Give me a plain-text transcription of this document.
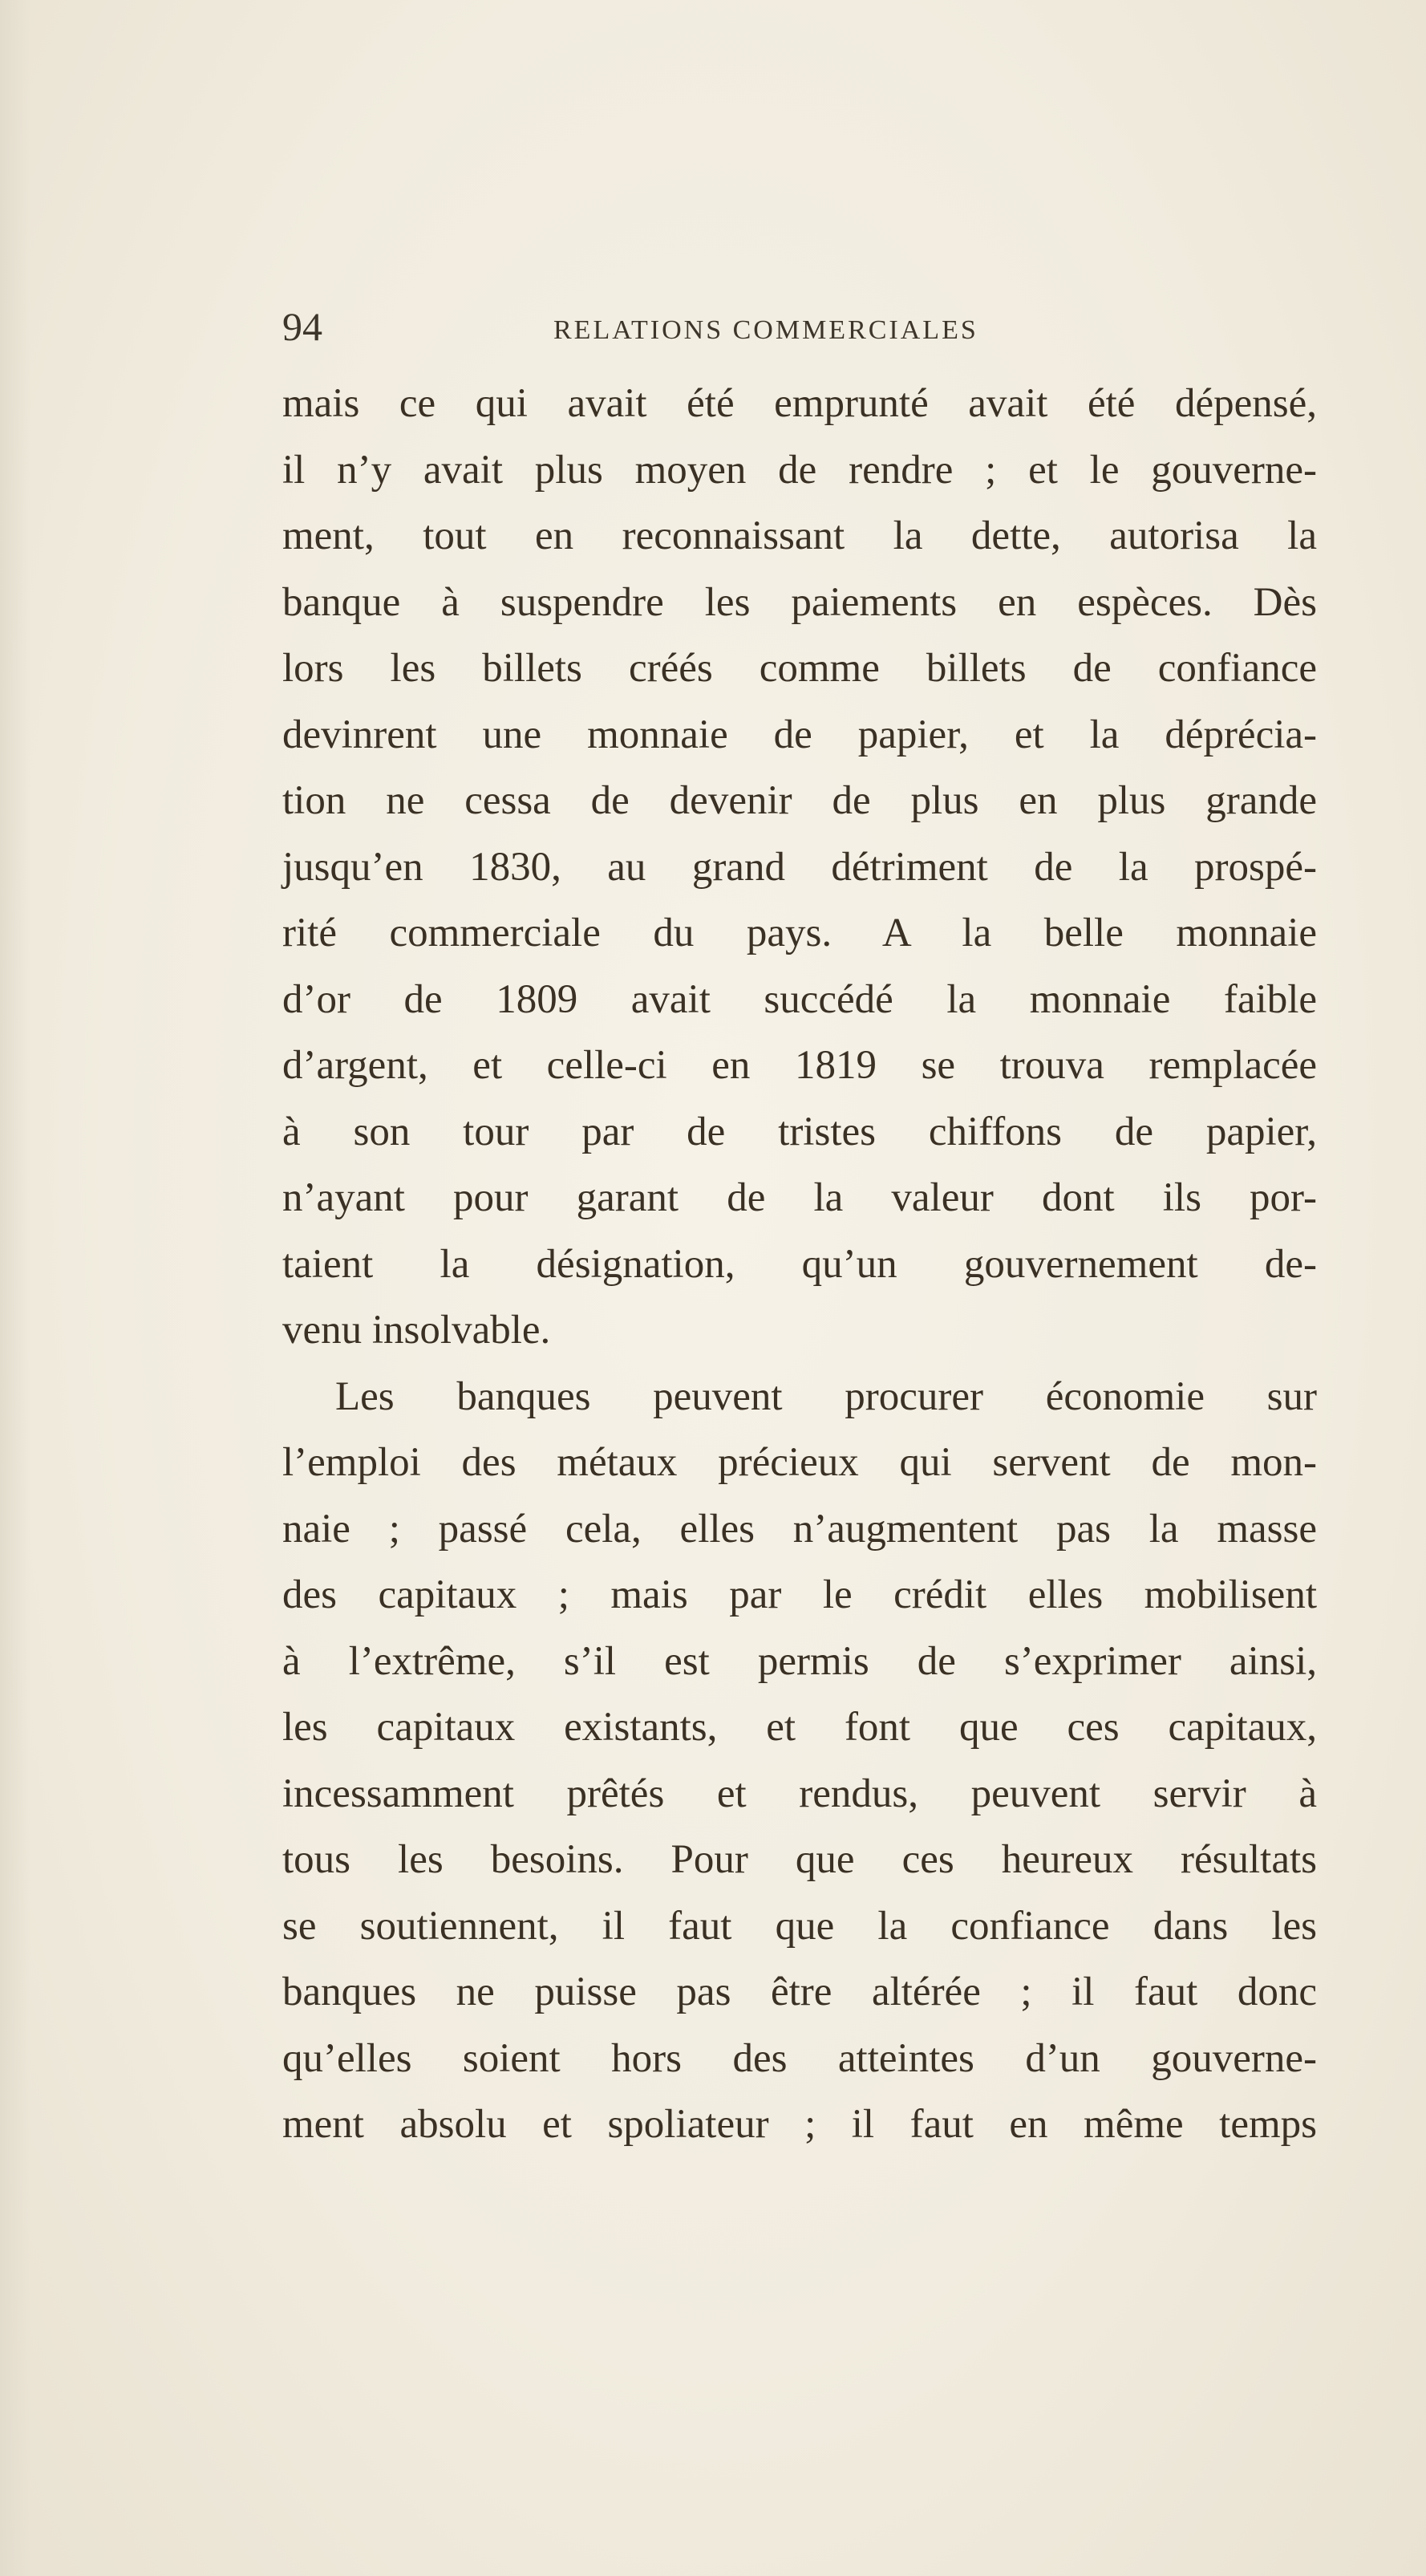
94	RELATIONS COMMERCIALES
mais ce qui avait été emprunté avait été dépensé,
il n’y avait plus moyen de rendre ; et le gouverne-
ment, tout en reconnaissant la dette, autorisa la
banque à suspendre les paiements en espèces. Dès
lors les billets créés comme billets de confiance
devinrent une monnaie de papier, et la déprécia-
tion ne cessa de devenir de plus en plus grande
jusqu’en 1830, au grand détriment de la prospé-
rité commerciale du pays. A la belle monnaie
d’or de 1809 avait succédé la monnaie faible
d’argent, et celle-ci en 1819 se trouva remplacée
à son tour par de tristes chiffons de papier,
n’ayant pour garant de la valeur dont ils por-
taient la désignation, qu’un gouvernement de-
venu insolvable.
Les banques peuvent procurer économie sur
l’emploi des métaux précieux qui servent de mon-
naie ; passé cela, elles n’augmentent pas la masse
des capitaux ; mais par le crédit elles mobilisent
à l’extrême, s’il est permis de s’exprimer ainsi,
les capitaux existants, et font que ces capitaux,
incessamment prêtés et rendus, peuvent servir à
tous les besoins. Pour que ces heureux résultats
se soutiennent, il faut que la confiance dans les
banques ne puisse pas être altérée ; il faut donc
qu’elles soient hors des atteintes d’un gouverne-
ment absolu et spoliateur ; il faut en même temps
